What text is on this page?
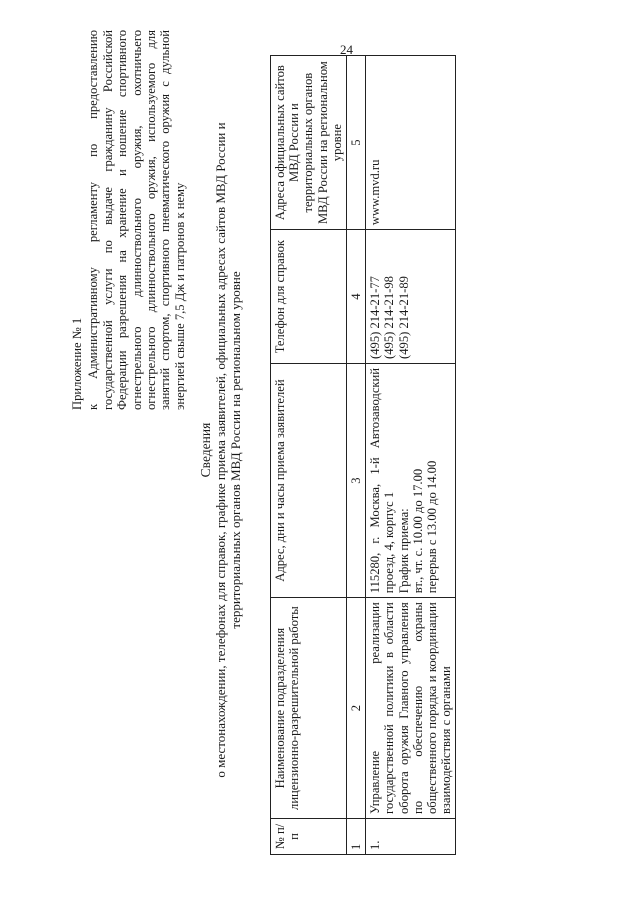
24

Приложение № 1 к Административному регламенту по предоставлению государственной услуги по выдаче гражданину Российской Федерации разрешения на хранение и ношение спортивного огнестрельного длинноствольного оружия, охотничьего огнестрельного длинноствольного оружия, используемого для занятий спортом, спортивного пневматического оружия с дульной энергией свыше 7,5 Дж и патронов к нему

Сведения о местонахождении, телефонах для справок, графике приема заявителей, официальных адресах сайтов МВД России и территориальных органов МВД России на региональном уровне
№ п/п	Наименование подразделения лицензионно-разрешительной работы	Адрес, дни и часы приема заявителей	Телефон для справок	Адреса официальных сайтов МВД России и территориальных органов МВД России на региональном уровне
1	2	3	4	5
1.	Управление реализации государственной политики в области оборота оружия Главного управления по обеспечению охраны общественного порядка и координации взаимодействия с органами	115280, г. Москва, 1-й Автозаводский проезд, 4, корпус 1 График приема: вт., чт. с. 10.00 до 17.00 перерыв с 13.00 до 14.00	(495) 214-21-77 (495) 214-21-98 (495) 214-21-89	www.mvd.ru
